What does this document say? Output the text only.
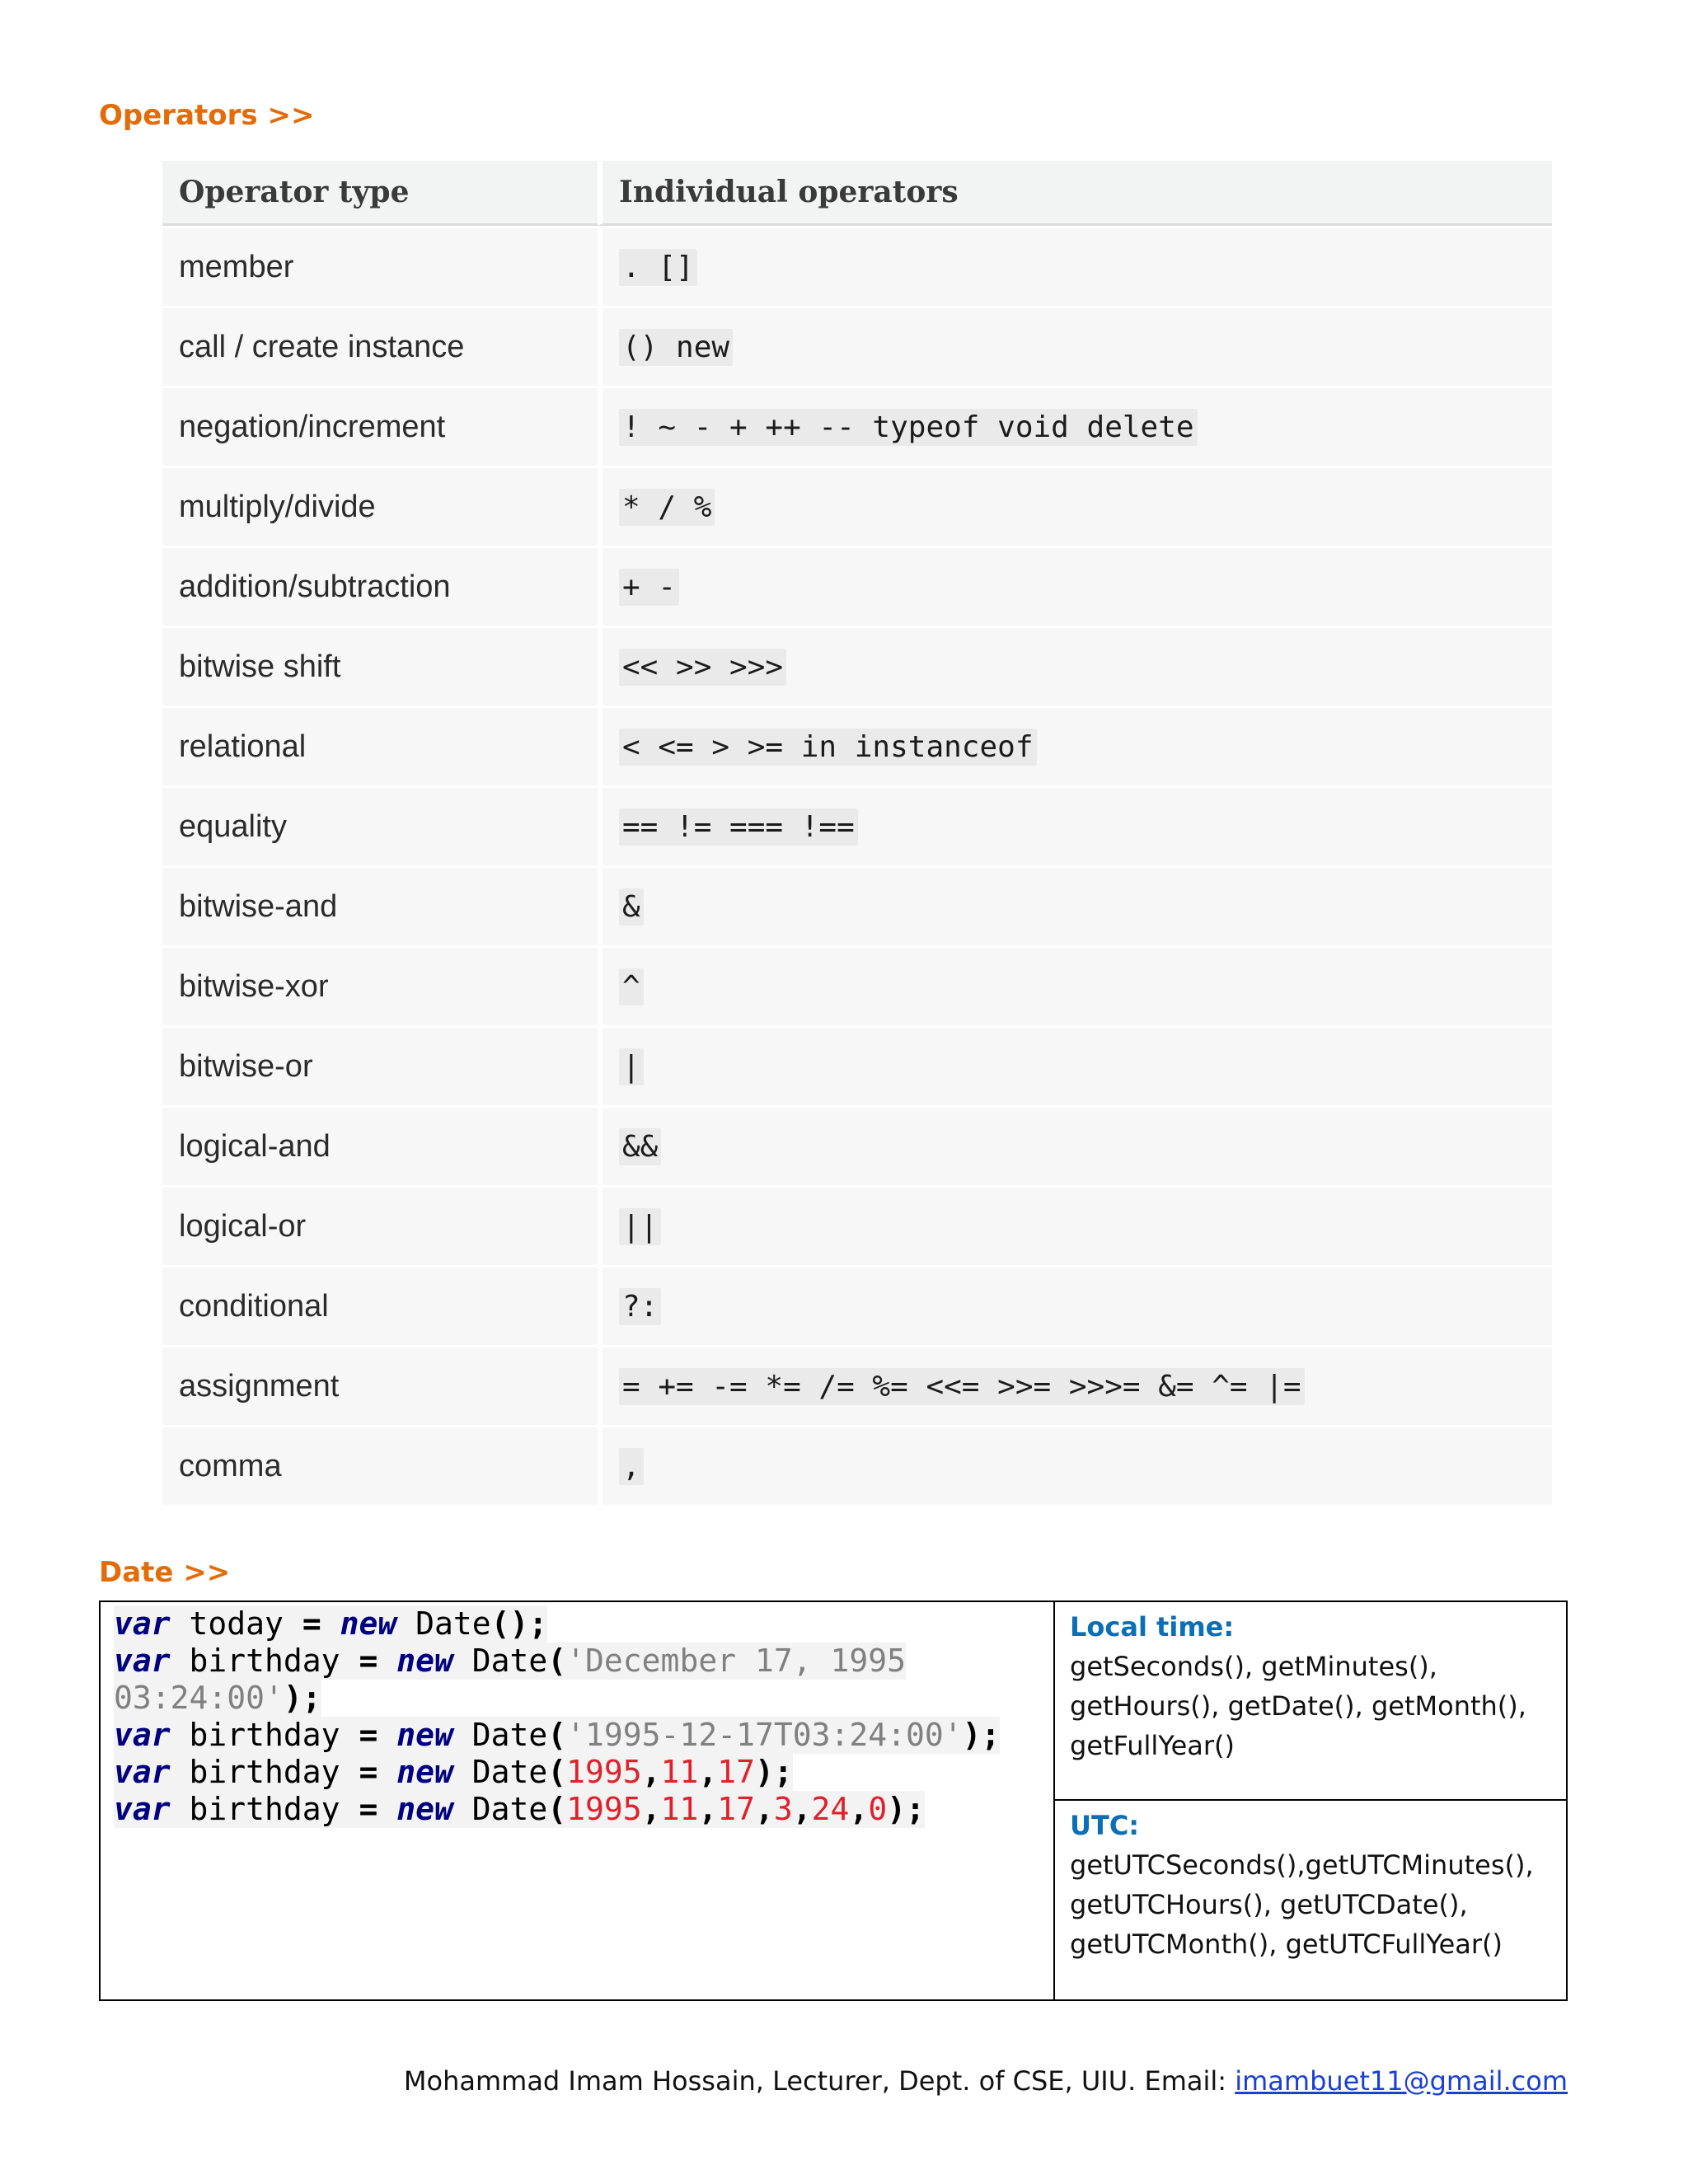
Operators >>
Operator type	Individual operators
member	. []
call / create instance	() new
negation/increment	! ~ - + ++ -- typeof void delete
multiply/divide	* / %
addition/subtraction	+ -
bitwise shift	<< >> >>>
relational	< <= > >= in instanceof
equality	== != === !==
bitwise-and	&
bitwise-xor	^
bitwise-or	|
logical-and	&&
logical-or	||
conditional	?:
assignment	= += -= *= /= %= <<= >>= >>>= &= ^= |=
comma	,
Date >>
var today = new Date();
var birthday = new Date('December 17, 1995
03:24:00');
var birthday = new Date('1995-12-17T03:24:00');
var birthday = new Date(1995,11,17);
var birthday = new Date(1995,11,17,3,24,0);
Local time:
getSeconds(), getMinutes(), getHours(), getDate(), getMonth(), getFullYear()
UTC:
getUTCSeconds(),getUTCMinutes(), getUTCHours(), getUTCDate(), getUTCMonth(), getUTCFullYear()

Mohammad Imam Hossain, Lecturer, Dept. of CSE, UIU. Email: imambuet11@gmail.com
